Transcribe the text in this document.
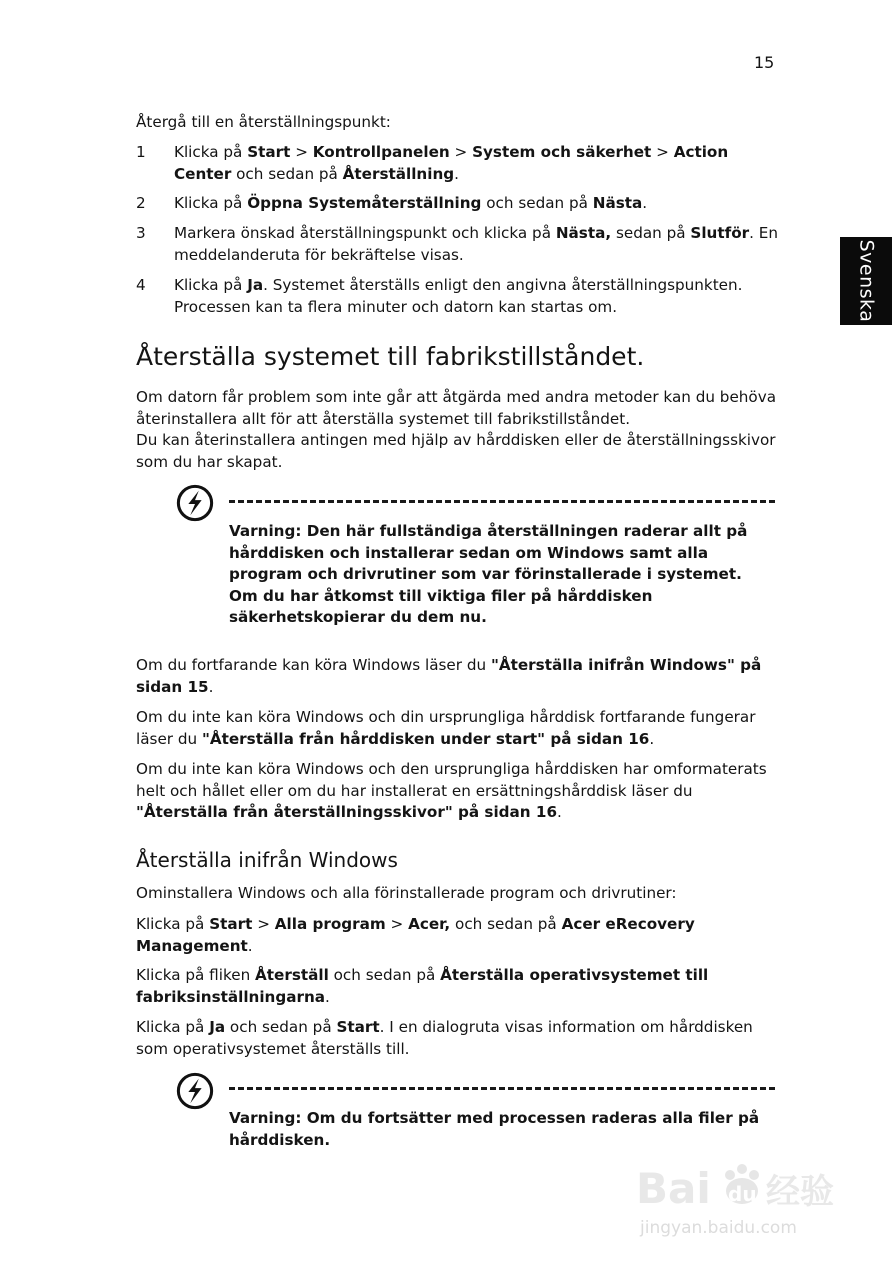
15
Svenska
Återgå till en återställningspunkt:
1	Klicka på Start > Kontrollpanelen > System och säkerhet > Action Center och sedan på Återställning.
2	Klicka på Öppna Systemåterställning och sedan på Nästa.
3	Markera önskad återställningspunkt och klicka på Nästa, sedan på Slutför. En meddelanderuta för bekräftelse visas.
4	Klicka på Ja. Systemet återställs enligt den angivna återställningspunkten. Processen kan ta flera minuter och datorn kan startas om.
Återställa systemet till fabrikstillståndet.
Om datorn får problem som inte går att åtgärda med andra metoder kan du behöva återinstallera allt för att återställa systemet till fabrikstillståndet.
Du kan återinstallera antingen med hjälp av hårddisken eller de återställningsskivor som du har skapat.
Varning: Den här fullständiga återställningen raderar allt på hårddisken och installerar sedan om Windows samt alla program och drivrutiner som var förinstallerade i systemet. Om du har åtkomst till viktiga filer på hårddisken säkerhetskopierar du dem nu.
Om du fortfarande kan köra Windows läser du "Återställa inifrån Windows" på sidan 15.
Om du inte kan köra Windows och din ursprungliga hårddisk fortfarande fungerar läser du "Återställa från hårddisken under start" på sidan 16.
Om du inte kan köra Windows och den ursprungliga hårddisken har omformaterats helt och hållet eller om du har installerat en ersättningshårddisk läser du "Återställa från återställningsskivor" på sidan 16.
Återställa inifrån Windows
Ominstallera Windows och alla förinstallerade program och drivrutiner:
Klicka på Start > Alla program > Acer, och sedan på Acer eRecovery Management.
Klicka på fliken Återställ och sedan på Återställa operativsystemet till fabriksinställningarna.
Klicka på Ja och sedan på Start. I en dialogruta visas information om hårddisken som operativsystemet återställs till.
Varning: Om du fortsätter med processen raderas alla filer på hårddisken.
Bai du 经验
jingyan.baidu.com
